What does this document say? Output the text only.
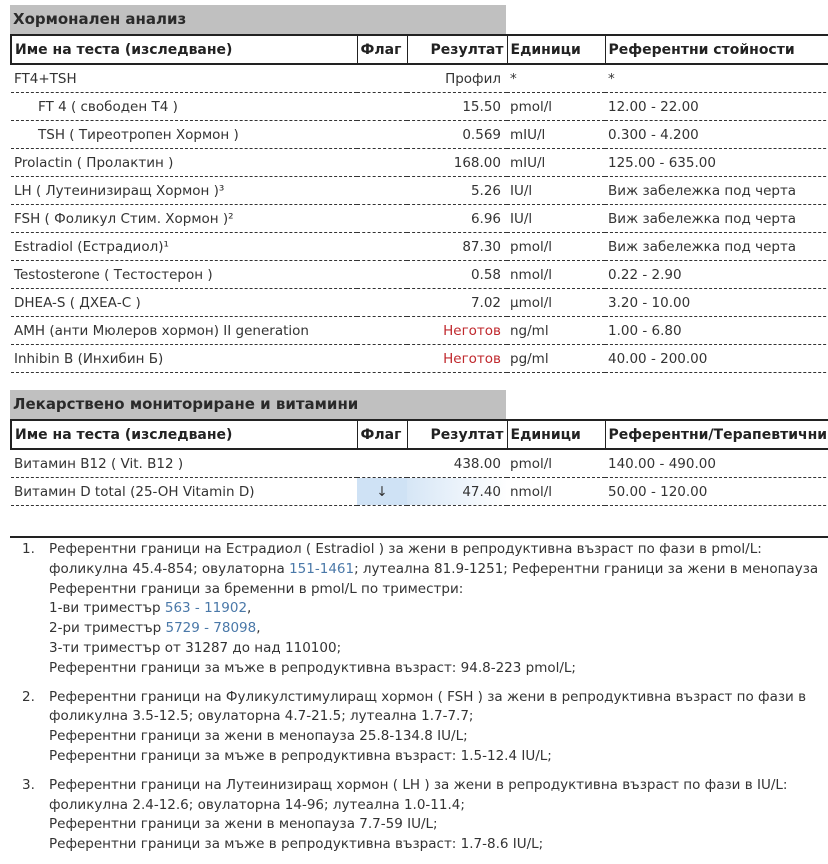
Хормонален анализ
Име на теста (изследване)	Флаг	Резултат	Единици	Референтни стойности
FT4+TSH		Профил	*	*
FT 4 ( свободен T4 )		15.50	pmol/l	12.00 - 22.00
TSH ( Тиреотропен Хормон )		0.569	mIU/l	0.300 - 4.200
Prolactin ( Пролактин )		168.00	mIU/l	125.00 - 635.00
LH ( Лутеинизиращ Хормон )³		5.26	IU/l	Виж забележка под черта
FSH ( Фоликул Стим. Хормон )²		6.96	IU/l	Виж забележка под черта
Estradiol (Естрадиол)¹		87.30	pmol/l	Виж забележка под черта
Testosterone ( Тестостерон )		0.58	nmol/l	0.22 - 2.90
DHEA-S ( ДХЕА-С )		7.02	µmol/l	3.20 - 10.00
AMH (анти Мюлеров хормон) II generation		Неготов	ng/ml	1.00 - 6.80
Inhibin B (Инхибин Б)		Неготов	pg/ml	40.00 - 200.00
Лекарствено мониториране и витамини
Име на теста (изследване)	Флаг	Резултат	Единици	Референтни/Терапевтични
Витамин B12 ( Vit. B12 )		438.00	pmol/l	140.00 - 490.00
Витамин D total (25-OH Vitamin D)	↓	47.40	nmol/l	50.00 - 120.00
1. Референтни граници на Естрадиол ( Estradiol ) за жени в репродуктивна възраст по фази в pmol/L:
фоликулна 45.4-854; овулаторна 151-1461; лутеална 81.9-1251; Референтни граници за жени в менопауза
Референтни граници за бременни в pmol/L по триместри:
1-ви триместър 563 - 11902,
2-ри триместър 5729 - 78098,
3-ти триместър от 31287 до над 110100;
Референтни граници за мъже в репродуктивна възраст: 94.8-223 pmol/L;
2. Референтни граници на Фуликулстимулиращ хормон ( FSH ) за жени в репродуктивна възраст по фази в
фоликулна 3.5-12.5; овулаторна 4.7-21.5; лутеална 1.7-7.7;
Референтни граници за жени в менопауза 25.8-134.8 IU/L;
Референтни граници за мъже в репродуктивна възраст: 1.5-12.4 IU/L;
3. Референтни граници на Лутеинизиращ хормон ( LH ) за жени в репродуктивна възраст по фази в IU/L:
фоликулна 2.4-12.6; овулаторна 14-96; лутеална 1.0-11.4;
Референтни граници за жени в менопауза 7.7-59 IU/L;
Референтни граници за мъже в репродуктивна възраст: 1.7-8.6 IU/L;
